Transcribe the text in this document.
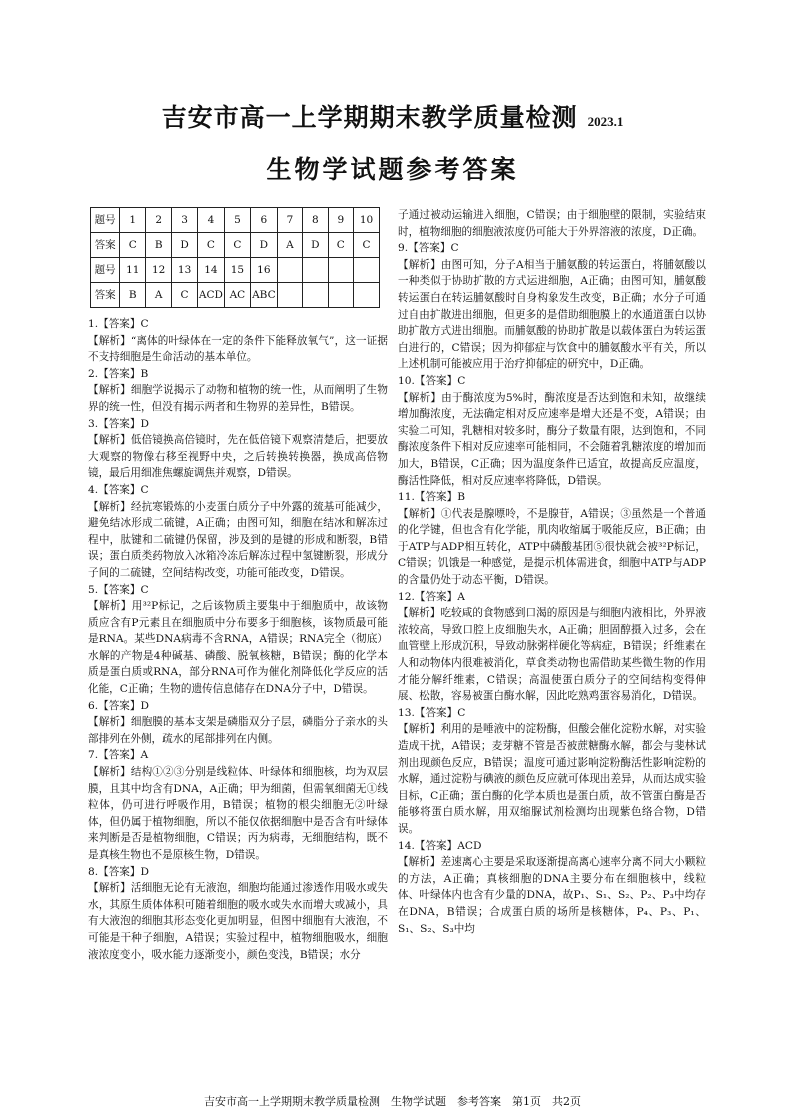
吉安市高一上学期期末教学质量检测 2023.1
生物学试题参考答案
题号	1	2	3	4	5	6	7	8	9	10
答案	C	B	D	C	C	D	A	D	C	C
题号	11	12	13	14	15	16				
答案	B	A	C	ACD	AC	ABC				
1.【答案】C
【解析】“离体的叶绿体在一定的条件下能释放氧气”，这一证据不支持细胞是生命活动的基本单位。
2.【答案】B
【解析】细胞学说揭示了动物和植物的统一性，从而阐明了生物界的统一性，但没有揭示两者和生物界的差异性，B错误。
3.【答案】D
【解析】低倍镜换高倍镜时，先在低倍镜下观察清楚后，把要放大观察的物像右移至视野中央，之后转换转换器，换成高倍物镜，最后用细准焦螺旋调焦并观察，D错误。
4.【答案】C
【解析】经抗寒锻炼的小麦蛋白质分子中外露的巯基可能减少，避免结冰形成二硫键，A正确；由图可知，细胞在结冰和解冻过程中，肽键和二硫键仍保留，涉及到的是键的形成和断裂，B错误；蛋白质类药物放入冰箱冷冻后解冻过程中氢键断裂，形成分子间的二硫键，空间结构改变，功能可能改变，D错误。
5.【答案】C
【解析】用³²P标记，之后该物质主要集中于细胞质中，故该物质应含有P元素且在细胞质中分布要多于细胞核，该物质最可能是RNA。某些DNA病毒不含RNA，A错误；RNA完全（彻底）水解的产物是4种碱基、磷酸、脱氧核糖，B错误；酶的化学本质是蛋白质或RNA，部分RNA可作为催化剂降低化学反应的活化能，C正确；生物的遗传信息储存在DNA分子中，D错误。
6.【答案】D
【解析】细胞膜的基本支架是磷脂双分子层，磷脂分子亲水的头部排列在外侧，疏水的尾部排列在内侧。
7.【答案】A
【解析】结构①②③分别是线粒体、叶绿体和细胞核，均为双层膜，且其中均含有DNA，A正确；甲为细菌，但需氧细菌无①线粒体，仍可进行呼吸作用，B错误；植物的根尖细胞无②叶绿体，但仍属于植物细胞，所以不能仅依据细胞中是否含有叶绿体来判断是否是植物细胞，C错误；丙为病毒，无细胞结构，既不是真核生物也不是原核生物，D错误。
8.【答案】D
【解析】活细胞无论有无液泡，细胞均能通过渗透作用吸水或失水，其原生质体体积可随着细胞的吸水或失水而增大或减小，具有大液泡的细胞其形态变化更加明显，但图中细胞有大液泡，不可能是干种子细胞，A错误；实验过程中，植物细胞吸水，细胞液浓度变小，吸水能力逐渐变小，颜色变浅，B错误；水分
子通过被动运输进入细胞，C错误；由于细胞壁的限制，实验结束时，植物细胞的细胞液浓度仍可能大于外界溶液的浓度，D正确。
9.【答案】C
【解析】由图可知，分子A相当于脯氨酸的转运蛋白，将脯氨酸以一种类似于协助扩散的方式运进细胞，A正确；由图可知，脯氨酸转运蛋白在转运脯氨酸时自身构象发生改变，B正确；水分子可通过自由扩散进出细胞，但更多的是借助细胞膜上的水通道蛋白以协助扩散方式进出细胞。而脯氨酸的协助扩散是以载体蛋白为转运蛋白进行的，C错误；因为抑郁症与饮食中的脯氨酸水平有关，所以上述机制可能被应用于治疗抑郁症的研究中，D正确。
10.【答案】C
【解析】由于酶浓度为5%时，酶浓度是否达到饱和未知，故继续增加酶浓度，无法确定相对反应速率是增大还是不变，A错误；由实验二可知，乳糖相对较多时，酶分子数量有限，达到饱和，不同酶浓度条件下相对反应速率可能相同，不会随着乳糖浓度的增加而加大，B错误，C正确；因为温度条件已适宜，故提高反应温度，酶活性降低，相对反应速率将降低，D错误。
11.【答案】B
【解析】①代表是腺嘌呤，不是腺苷，A错误；③虽然是一个普通的化学键，但也含有化学能，肌肉收缩属于吸能反应，B正确；由于ATP与ADP相互转化，ATP中磷酸基团⑤很快就会被³²P标记，C错误；饥饿是一种感觉，是提示机体需进食，细胞中ATP与ADP的含量仍处于动态平衡，D错误。
12.【答案】A
【解析】吃较咸的食物感到口渴的原因是与细胞内液相比，外界液浓较高，导致口腔上皮细胞失水，A正确；胆固醇摄入过多，会在血管壁上形成沉积，导致动脉粥样硬化等病症，B错误；纤维素在人和动物体内很难被消化，草食类动物也需借助某些微生物的作用才能分解纤维素，C错误；高温使蛋白质分子的空间结构变得伸展、松散，容易被蛋白酶水解，因此吃熟鸡蛋容易消化，D错误。
13.【答案】C
【解析】利用的是唾液中的淀粉酶，但酸会催化淀粉水解，对实验造成干扰，A错误；麦芽糖不管是否被蔗糖酶水解，都会与斐林试剂出现颜色反应，B错误；温度可通过影响淀粉酶活性影响淀粉的水解，通过淀粉与碘液的颜色反应就可体现出差异，从而达成实验目标，C正确；蛋白酶的化学本质也是蛋白质，故不管蛋白酶是否能够将蛋白质水解，用双缩脲试剂检测均出现紫色络合物，D错误。
14.【答案】ACD
【解析】差速离心主要是采取逐渐提高离心速率分离不同大小颗粒的方法，A正确；真核细胞的DNA主要分布在细胞核中，线粒体、叶绿体内也含有少量的DNA，故P₁、S₁、S₂、P₂、P₃中均存在DNA，B错误；合成蛋白质的场所是核糖体，P₄、P₃、P₁、S₁、S₂、S₃中均
吉安市高一上学期期末教学质量检测　生物学试题　参考答案　第1页　共2页
